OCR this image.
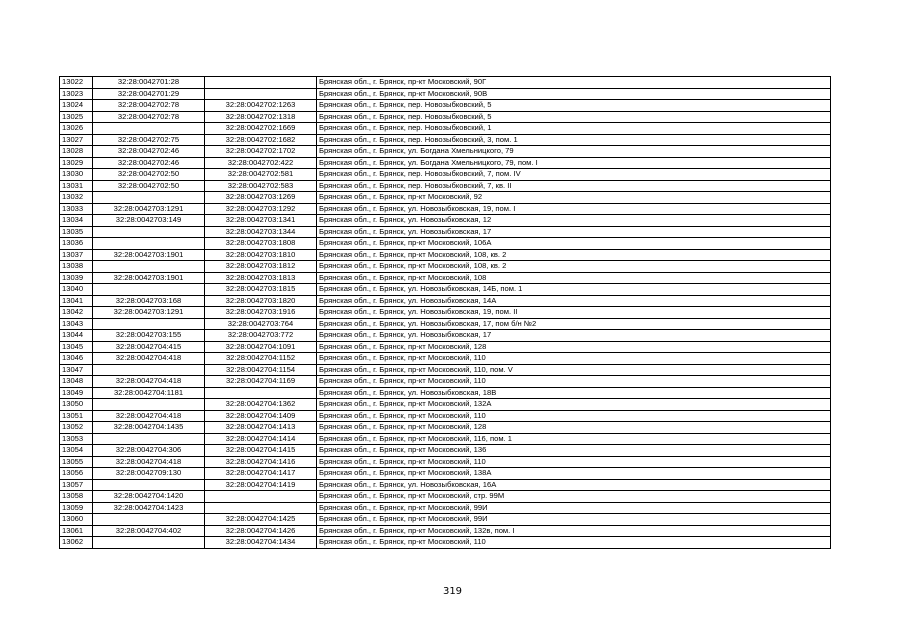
13022	32:28:0042701:28		Брянская обл., г. Брянск, пр-кт Московский, 90Г
13023	32:28:0042701:29		Брянская обл., г. Брянск, пр-кт Московский, 90В
13024	32:28:0042702:78	32:28:0042702:1263	Брянская обл., г. Брянск, пер. Новозыбковский, 5
13025	32:28:0042702:78	32:28:0042702:1318	Брянская обл., г. Брянск, пер. Новозыбковский, 5
13026		32:28:0042702:1669	Брянская обл., г. Брянск, пер. Новозыбковский, 1
13027	32:28:0042702:75	32:28:0042702:1682	Брянская обл., г. Брянск, пер. Новозыбковский, 3, пом. 1
13028	32:28:0042702:46	32:28:0042702:1702	Брянская обл., г. Брянск, ул. Богдана Хмельницкого, 79
13029	32:28:0042702:46	32:28:0042702:422	Брянская обл., г. Брянск, ул. Богдана Хмельницкого, 79, пом. I
13030	32:28:0042702:50	32:28:0042702:581	Брянская обл., г. Брянск, пер. Новозыбковский, 7, пом. IV
13031	32:28:0042702:50	32:28:0042702:583	Брянская обл., г. Брянск, пер. Новозыбковский, 7, кв. II
13032		32:28:0042703:1269	Брянская обл., г. Брянск, пр-кт Московский, 92
13033	32:28:0042703:1291	32:28:0042703:1292	Брянская обл., г. Брянск, ул. Новозыбковская, 19, пом. I
13034	32:28:0042703:149	32:28:0042703:1341	Брянская обл., г. Брянск, ул. Новозыбковская, 12
13035		32:28:0042703:1344	Брянская обл., г. Брянск, ул. Новозыбковская, 17
13036		32:28:0042703:1808	Брянская обл., г. Брянск, пр-кт Московский, 106А
13037	32:28:0042703:1901	32:28:0042703:1810	Брянская обл., г. Брянск, пр-кт Московский, 108, кв. 2
13038		32:28:0042703:1812	Брянская обл., г. Брянск, пр-кт Московский, 108, кв. 2
13039	32:28:0042703:1901	32:28:0042703:1813	Брянская обл., г. Брянск, пр-кт Московский, 108
13040		32:28:0042703:1815	Брянская обл., г. Брянск, ул. Новозыбковская, 14Б, пом. 1
13041	32:28:0042703:168	32:28:0042703:1820	Брянская обл., г. Брянск, ул. Новозыбковская, 14А
13042	32:28:0042703:1291	32:28:0042703:1916	Брянская обл., г. Брянск, ул. Новозыбковская, 19, пом. II
13043		32:28:0042703:764	Брянская обл., г. Брянск, ул. Новозыбковская, 17, пом б/н №2
13044	32:28:0042703:155	32:28:0042703:772	Брянская обл., г. Брянск, ул. Новозыбковская, 17
13045	32:28:0042704:415	32:28:0042704:1091	Брянская обл., г. Брянск, пр-кт Московский, 128
13046	32:28:0042704:418	32:28:0042704:1152	Брянская обл., г. Брянск, пр-кт Московский, 110
13047		32:28:0042704:1154	Брянская обл., г. Брянск, пр-кт Московский, 110, пом. V
13048	32:28:0042704:418	32:28:0042704:1169	Брянская обл., г. Брянск, пр-кт Московский, 110
13049	32:28:0042704:1181		Брянская обл., г. Брянск, ул. Новозыбковская, 18В
13050		32:28:0042704:1362	Брянская обл., г. Брянск, пр-кт Московский, 132А
13051	32:28:0042704:418	32:28:0042704:1409	Брянская обл., г. Брянск, пр-кт Московский, 110
13052	32:28:0042704:1435	32:28:0042704:1413	Брянская обл., г. Брянск, пр-кт Московский, 128
13053		32:28:0042704:1414	Брянская обл., г. Брянск, пр-кт Московский, 116, пом. 1
13054	32:28:0042704:306	32:28:0042704:1415	Брянская обл., г. Брянск, пр-кт Московский, 136
13055	32:28:0042704:418	32:28:0042704:1416	Брянская обл., г. Брянск, пр-кт Московский, 110
13056	32:28:0042709:130	32:28:0042704:1417	Брянская обл., г. Брянск, пр-кт Московский, 138А
13057		32:28:0042704:1419	Брянская обл., г. Брянск, ул. Новозыбковская, 16А
13058	32:28:0042704:1420		Брянская обл., г. Брянск, пр-кт Московский, стр. 99М
13059	32:28:0042704:1423		Брянская обл., г. Брянск, пр-кт Московский, 99И
13060		32:28:0042704:1425	Брянская обл., г. Брянск, пр-кт Московский, 99И
13061	32:28:0042704:402	32:28:0042704:1426	Брянская обл., г. Брянск, пр-кт Московский, 132в, пом. I
13062		32:28:0042704:1434	Брянская обл., г. Брянск, пр-кт Московский, 110
319
